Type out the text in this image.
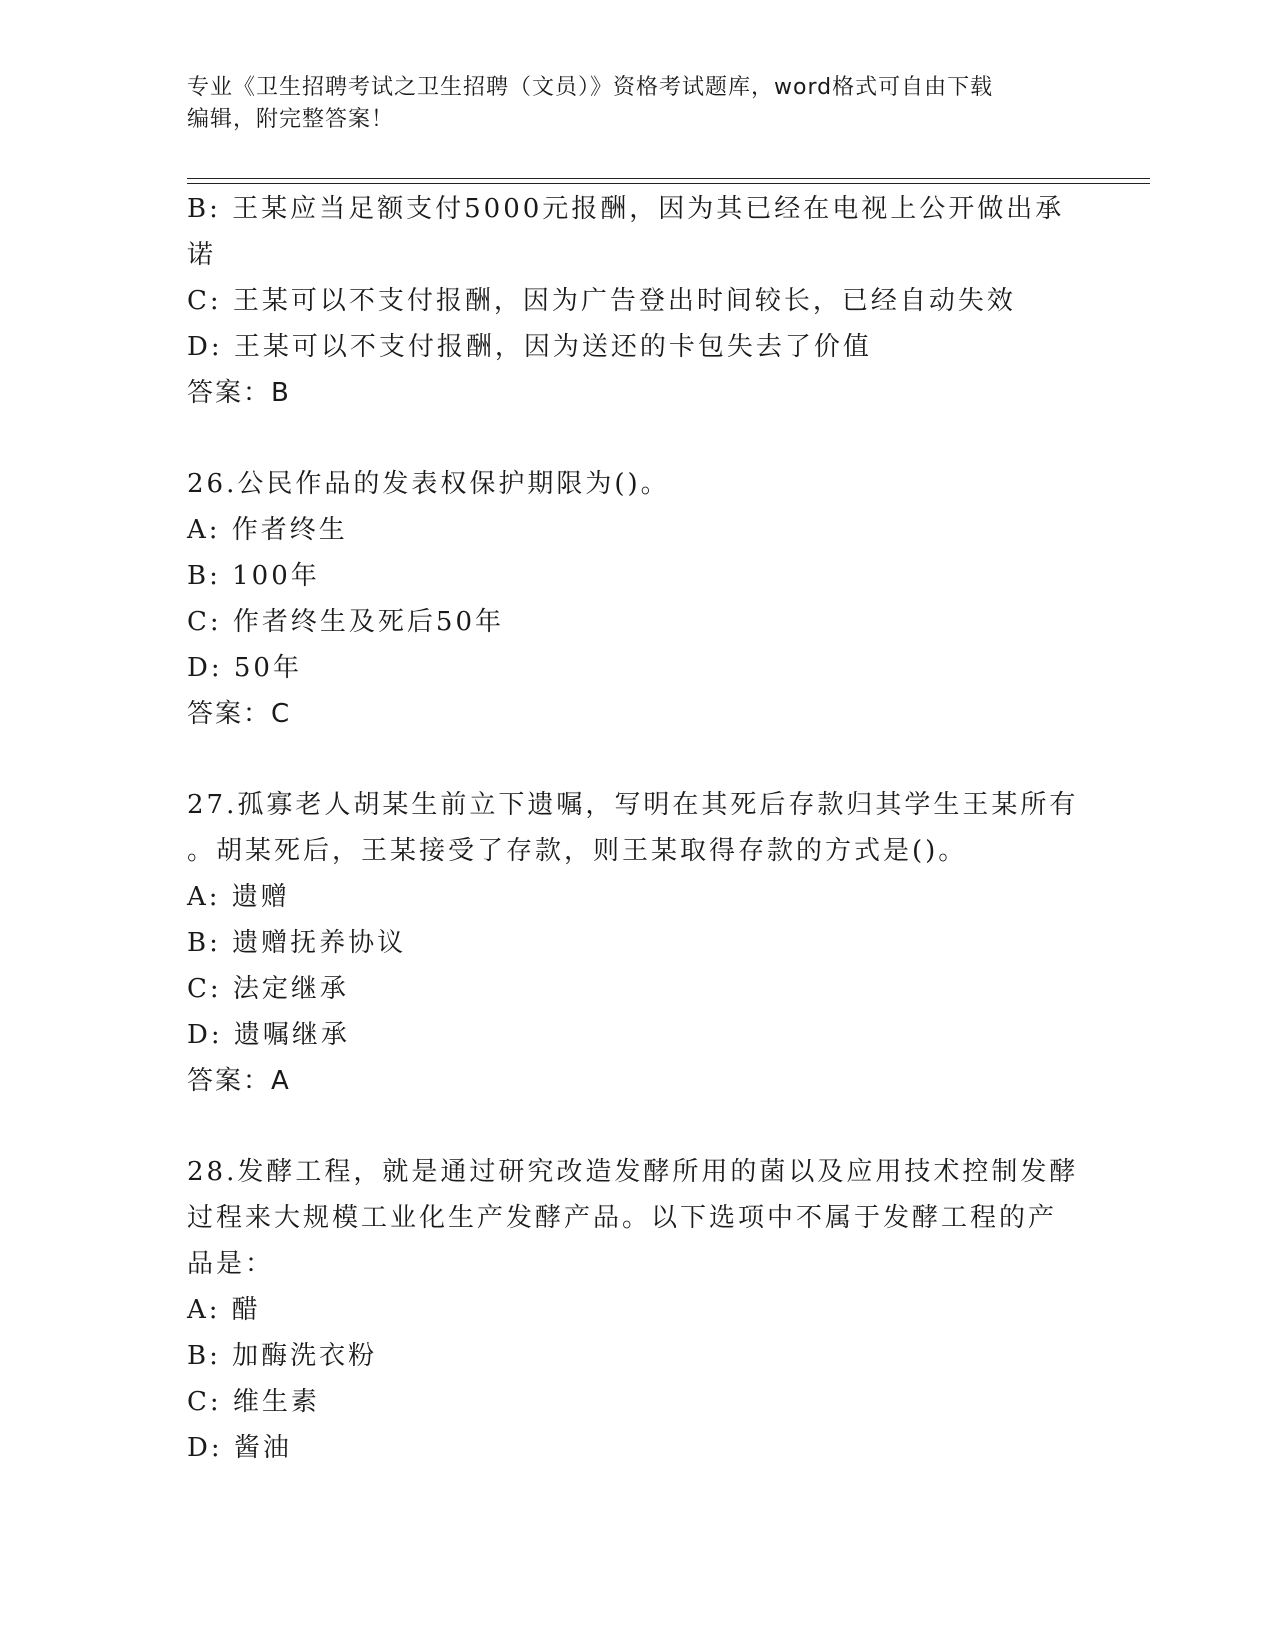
专业《卫生招聘考试之卫生招聘（文员）》资格考试题库，word格式可自由下载
编辑，附完整答案！
B: 王某应当足额支付5000元报酬，因为其已经在电视上公开做出承
诺
C: 王某可以不支付报酬，因为广告登出时间较长，已经自动失效
D: 王某可以不支付报酬，因为送还的卡包失去了价值
答案：B
26.公民作品的发表权保护期限为()。
A: 作者终生
B: 100年
C: 作者终生及死后50年
D: 50年
答案：C
27.孤寡老人胡某生前立下遗嘱，写明在其死后存款归其学生王某所有
。胡某死后，王某接受了存款，则王某取得存款的方式是()。
A: 遗赠
B: 遗赠抚养协议
C: 法定继承
D: 遗嘱继承
答案：A
28.发酵工程，就是通过研究改造发酵所用的菌以及应用技术控制发酵
过程来大规模工业化生产发酵产品。以下选项中不属于发酵工程的产
品是：
A: 醋
B: 加酶洗衣粉
C: 维生素
D: 酱油
